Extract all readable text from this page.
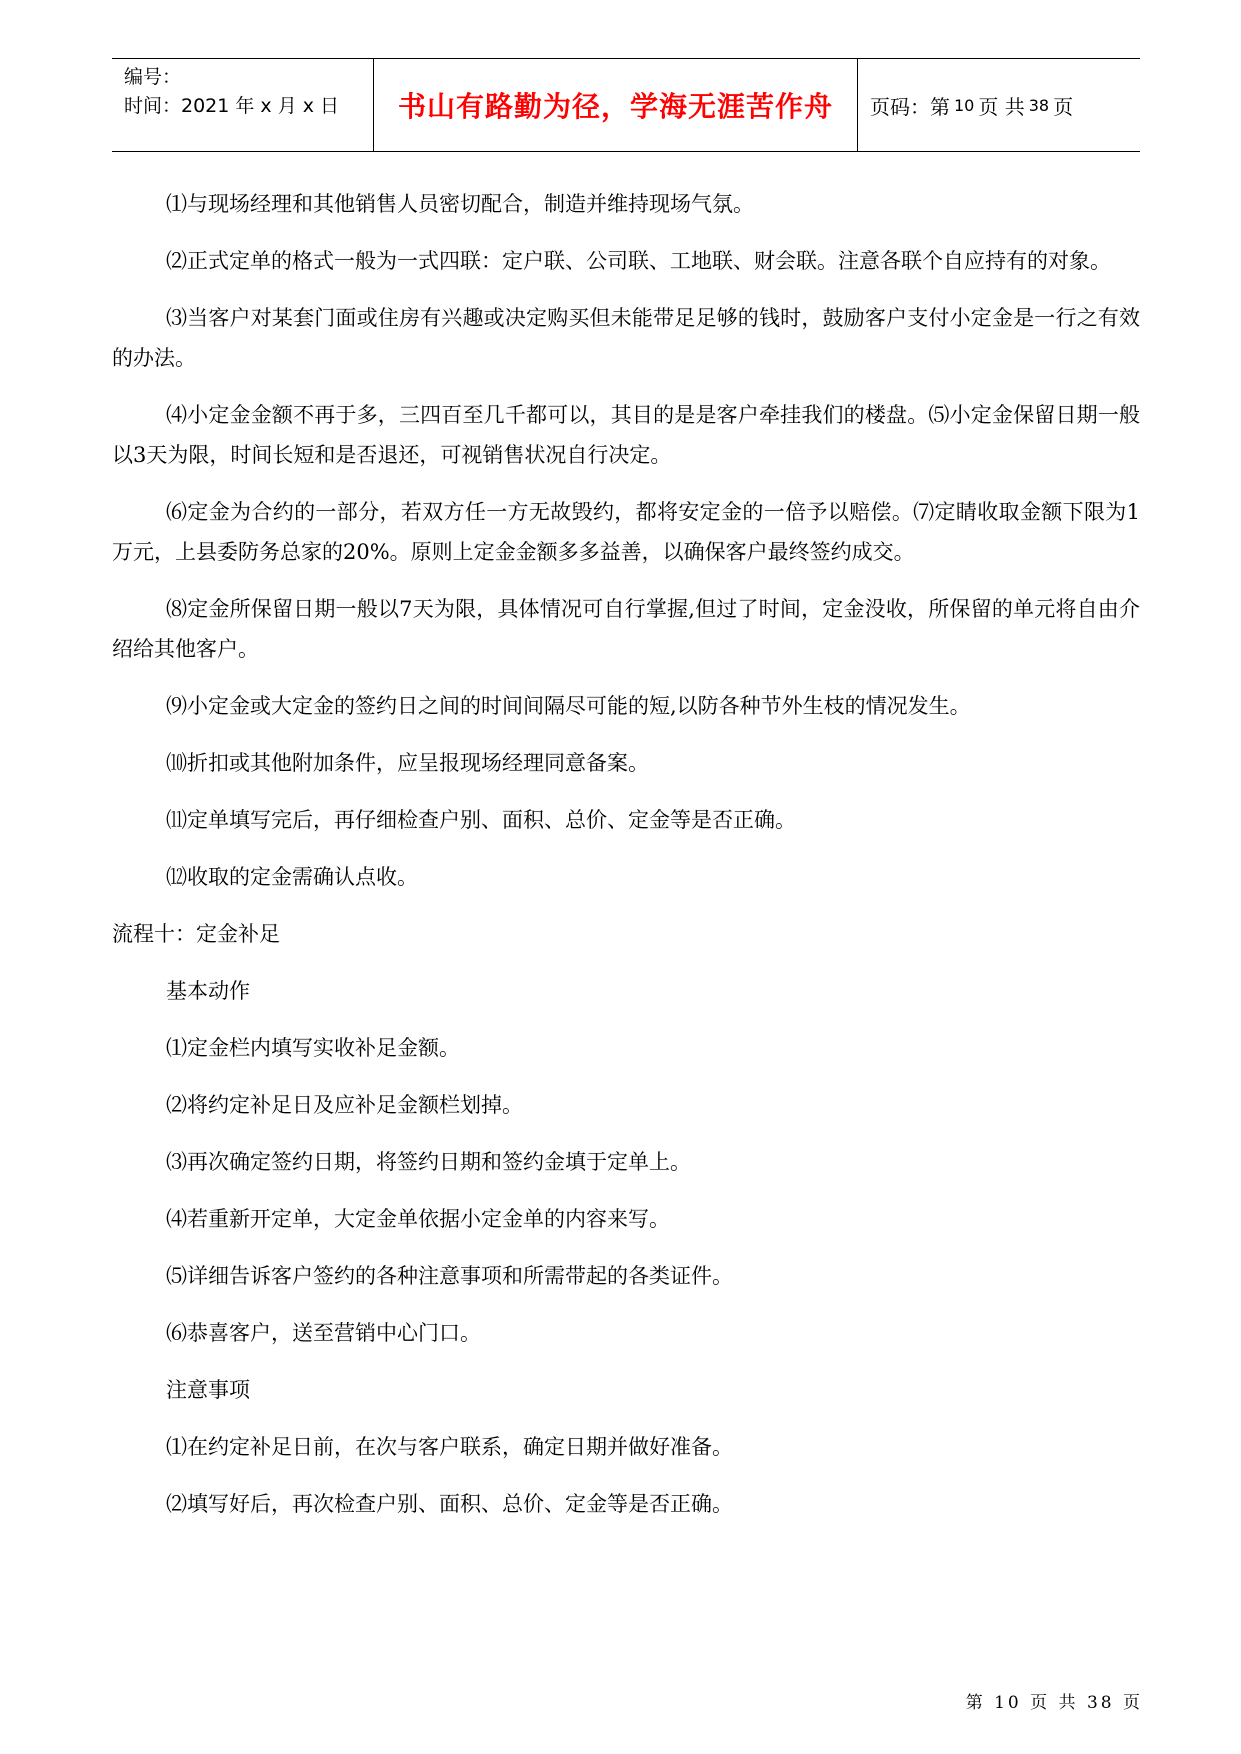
编号：
时间：2021 年 x 月 x 日	书山有路勤为径，学海无涯苦作舟	页码：第 10 页 共 38 页

⑴与现场经理和其他销售人员密切配合，制造并维持现场气氛。

⑵正式定单的格式一般为一式四联：定户联、公司联、工地联、财会联。注意各联个自应持有的对象。

⑶当客户对某套门面或住房有兴趣或决定购买但未能带足足够的钱时，鼓励客户支付小定金是一行之有效的办法。

⑷小定金金额不再于多，三四百至几千都可以，其目的是是客户牵挂我们的楼盘。⑸小定金保留日期一般以3天为限，时间长短和是否退还，可视销售状况自行决定。

⑹定金为合约的一部分，若双方任一方无故毁约，都将安定金的一倍予以赔偿。⑺定睛收取金额下限为1万元，上县委防务总家的20%。原则上定金金额多多益善，以确保客户最终签约成交。

⑻定金所保留日期一般以7天为限，具体情况可自行掌握,但过了时间，定金没收，所保留的单元将自由介绍给其他客户。

⑼小定金或大定金的签约日之间的时间间隔尽可能的短,以防各种节外生枝的情况发生。

⑽折扣或其他附加条件，应呈报现场经理同意备案。

⑾定单填写完后，再仔细检查户别、面积、总价、定金等是否正确。

⑿收取的定金需确认点收。

流程十：定金补足

基本动作

⑴定金栏内填写实收补足金额。

⑵将约定补足日及应补足金额栏划掉。

⑶再次确定签约日期，将签约日期和签约金填于定单上。

⑷若重新开定单，大定金单依据小定金单的内容来写。

⑸详细告诉客户签约的各种注意事项和所需带起的各类证件。

⑹恭喜客户，送至营销中心门口。

注意事项

⑴在约定补足日前，在次与客户联系，确定日期并做好准备。

⑵填写好后，再次检查户别、面积、总价、定金等是否正确。

第 10 页 共 38 页
